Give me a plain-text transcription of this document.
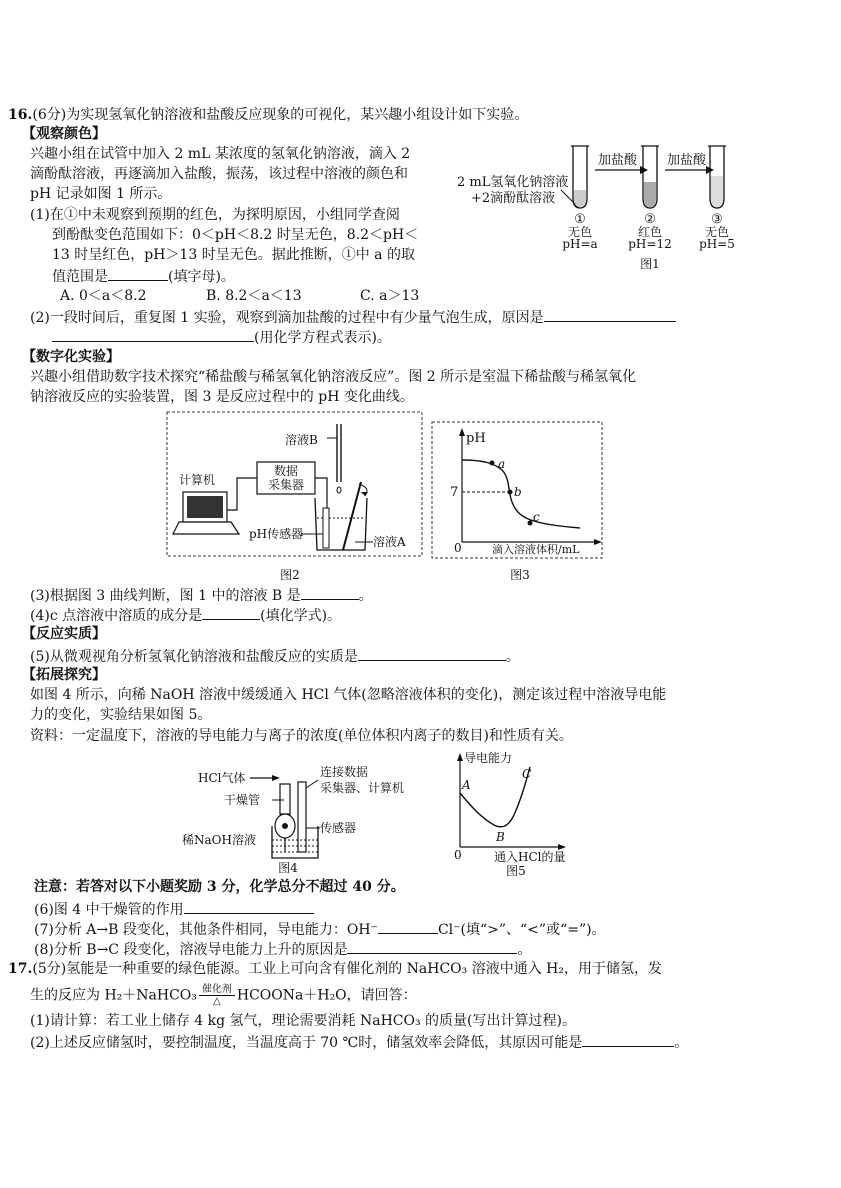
16.(6分)为实现氢氧化钠溶液和盐酸反应现象的可视化，某兴趣小组设计如下实验。
【观察颜色】
兴趣小组在试管中加入 2 mL 某浓度的氢氧化钠溶液，滴入 2
滴酚酞溶液，再逐滴加入盐酸，振荡，该过程中溶液的颜色和
pH 记录如图 1 所示。
(1)在①中未观察到预期的红色，为探明原因，小组同学查阅
到酚酞变色范围如下：0＜pH＜8.2 时呈无色，8.2＜pH＜
13 时呈红色，pH＞13 时呈无色。据此推断，①中 a 的取
值范围是	(填字母)。
A. 0＜a＜8.2	B. 8.2＜a＜13	C. a＞13
(2)一段时间后，重复图 1 实验，观察到滴加盐酸的过程中有少量气泡生成，原因是
(用化学方程式表示)。
【数字化实验】
兴趣小组借助数字技术探究“稀盐酸与稀氢氧化钠溶液反应”。图 2 所示是室温下稀盐酸与稀氢氧化
钠溶液反应的实验装置，图 3 是反应过程中的 pH 变化曲线。
2 mL氢氧化钠溶液
+2滴酚酞溶液
加盐酸 加盐酸
①
无色
pH=a
②
红色
pH=12
③
无色
pH=5
图1
溶液B
数据
采集器
计算机
pH传感器
溶液A
图2
pH
7
0	滴入溶液体积/mL
a
b
c
图3
(3)根据图 3 曲线判断，图 1 中的溶液 B 是	。
(4)c 点溶液中溶质的成分是	(填化学式)。
【反应实质】
(5)从微观视角分析氢氧化钠溶液和盐酸反应的实质是	。
【拓展探究】
如图 4 所示，向稀 NaOH 溶液中缓缓通入 HCl 气体(忽略溶液体积的变化)，测定该过程中溶液导电能
力的变化，实验结果如图 5。
资料：一定温度下，溶液的导电能力与离子的浓度(单位体积内离子的数目)和性质有关。
HCl气体	连接数据
采集器、计算机
干燥管
传感器
稀NaOH溶液
图4
导电能力
0	通入HCl的量
A
B
C
图5
注意：若答对以下小题奖励 3 分，化学总分不超过 40 分。
(6)图 4 中干燥管的作用
(7)分析 A→B 段变化，其他条件相同，导电能力：OH⁻	Cl⁻(填“>”、“<”或“=”)。
(8)分析 B→C 段变化，溶液导电能力上升的原因是	。
17.(5分)氢能是一种重要的绿色能源。工业上可向含有催化剂的 NaHCO₃ 溶液中通入 H₂，用于储氢，发
生的反应为 H₂＋NaHCO₃ $\frac{\text{催化剂}}{\triangle}$ HCOONa＋H₂O，请回答：
(1)请计算：若工业上储存 4 kg 氢气，理论需要消耗 NaHCO₃ 的质量(写出计算过程)。
(2)上述反应储氢时，要控制温度，当温度高于 70 ℃时，储氢效率会降低，其原因可能是	。
